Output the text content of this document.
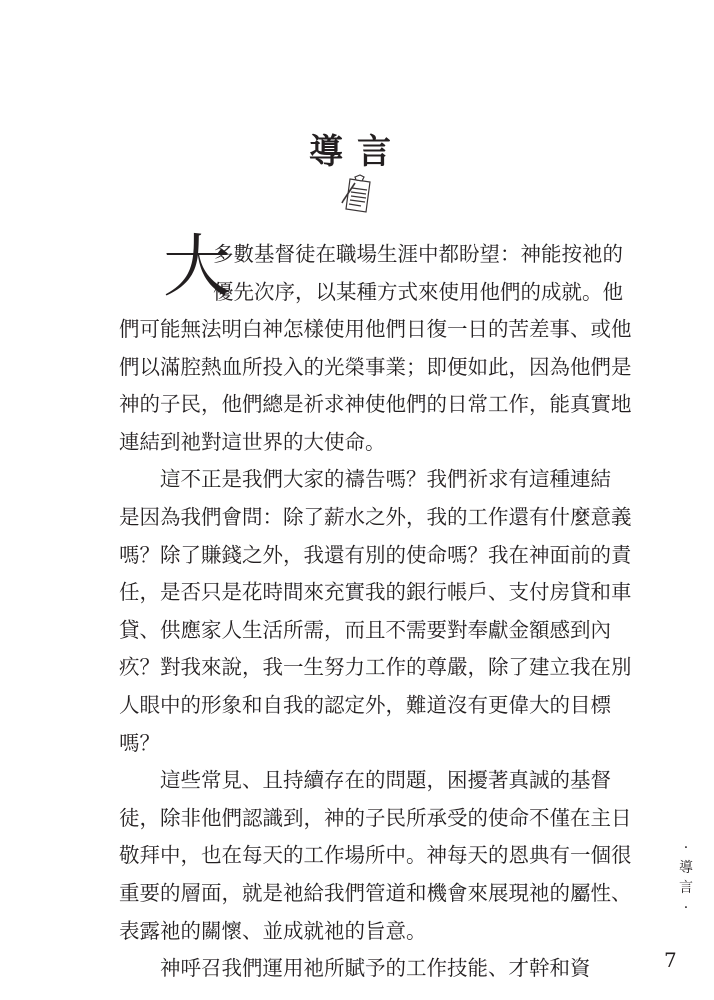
導言
大
多數基督徒在職場生涯中都盼望：神能按祂的
優先次序，以某種方式來使用他們的成就。他
們可能無法明白神怎樣使用他們日復一日的苦差事、或他
們以滿腔熱血所投入的光榮事業；即便如此，因為他們是
神的子民，他們總是祈求神使他們的日常工作，能真實地
連結到祂對這世界的大使命。
這不正是我們大家的禱告嗎？我們祈求有這種連結
是因為我們會問：除了薪水之外，我的工作還有什麼意義
嗎？除了賺錢之外，我還有別的使命嗎？我在神面前的責
任，是否只是花時間來充實我的銀行帳戶、支付房貸和車
貸、供應家人生活所需，而且不需要對奉獻金額感到內
疚？對我來說，我一生努力工作的尊嚴，除了建立我在別
人眼中的形象和自我的認定外，難道沒有更偉大的目標
嗎？
這些常見、且持續存在的問題，困擾著真誠的基督
徒，除非他們認識到，神的子民所承受的使命不僅在主日
敬拜中，也在每天的工作場所中。神每天的恩典有一個很
重要的層面，就是祂給我們管道和機會來展現祂的屬性、
表露祂的關懷、並成就祂的旨意。
神呼召我們運用祂所賦予的工作技能、才幹和資
·
導
言
·
7
